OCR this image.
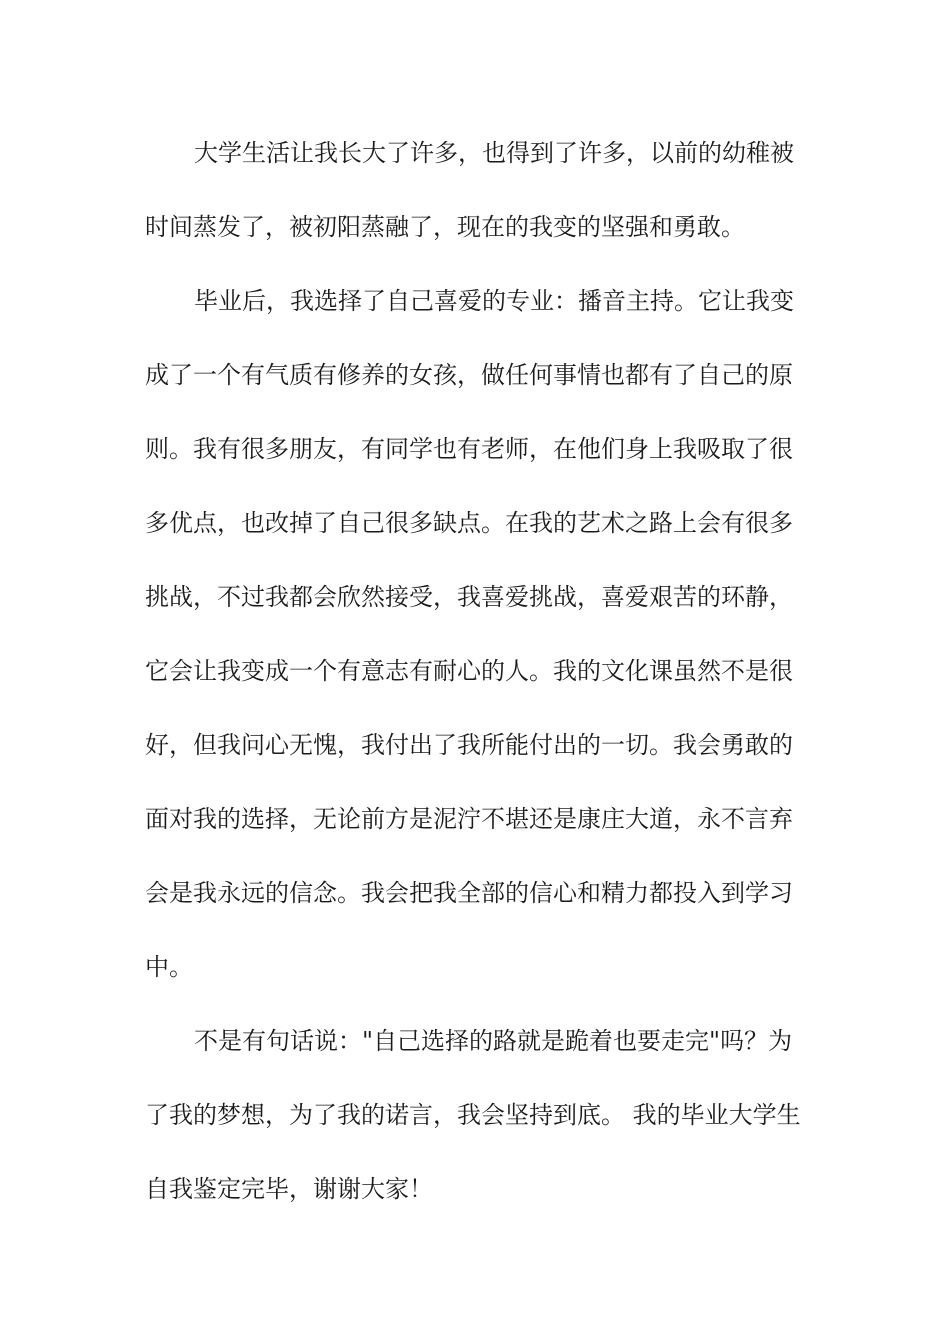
大学生活让我长大了许多，也得到了许多，以前的幼稚被
时间蒸发了，被初阳蒸融了，现在的我变的坚强和勇敢。
毕业后，我选择了自己喜爱的专业：播音主持。它让我变
成了一个有气质有修养的女孩，做任何事情也都有了自己的原
则。我有很多朋友，有同学也有老师，在他们身上我吸取了很
多优点，也改掉了自己很多缺点。在我的艺术之路上会有很多
挑战，不过我都会欣然接受，我喜爱挑战，喜爱艰苦的环静，
它会让我变成一个有意志有耐心的人。我的文化课虽然不是很
好，但我问心无愧，我付出了我所能付出的一切。我会勇敢的
面对我的选择，无论前方是泥泞不堪还是康庄大道，永不言弃
会是我永远的信念。我会把我全部的信心和精力都投入到学习
中。
不是有句话说："自己选择的路就是跪着也要走完"吗？为
了我的梦想，为了我的诺言，我会坚持到底。 我的毕业大学生
自我鉴定完毕，谢谢大家！
